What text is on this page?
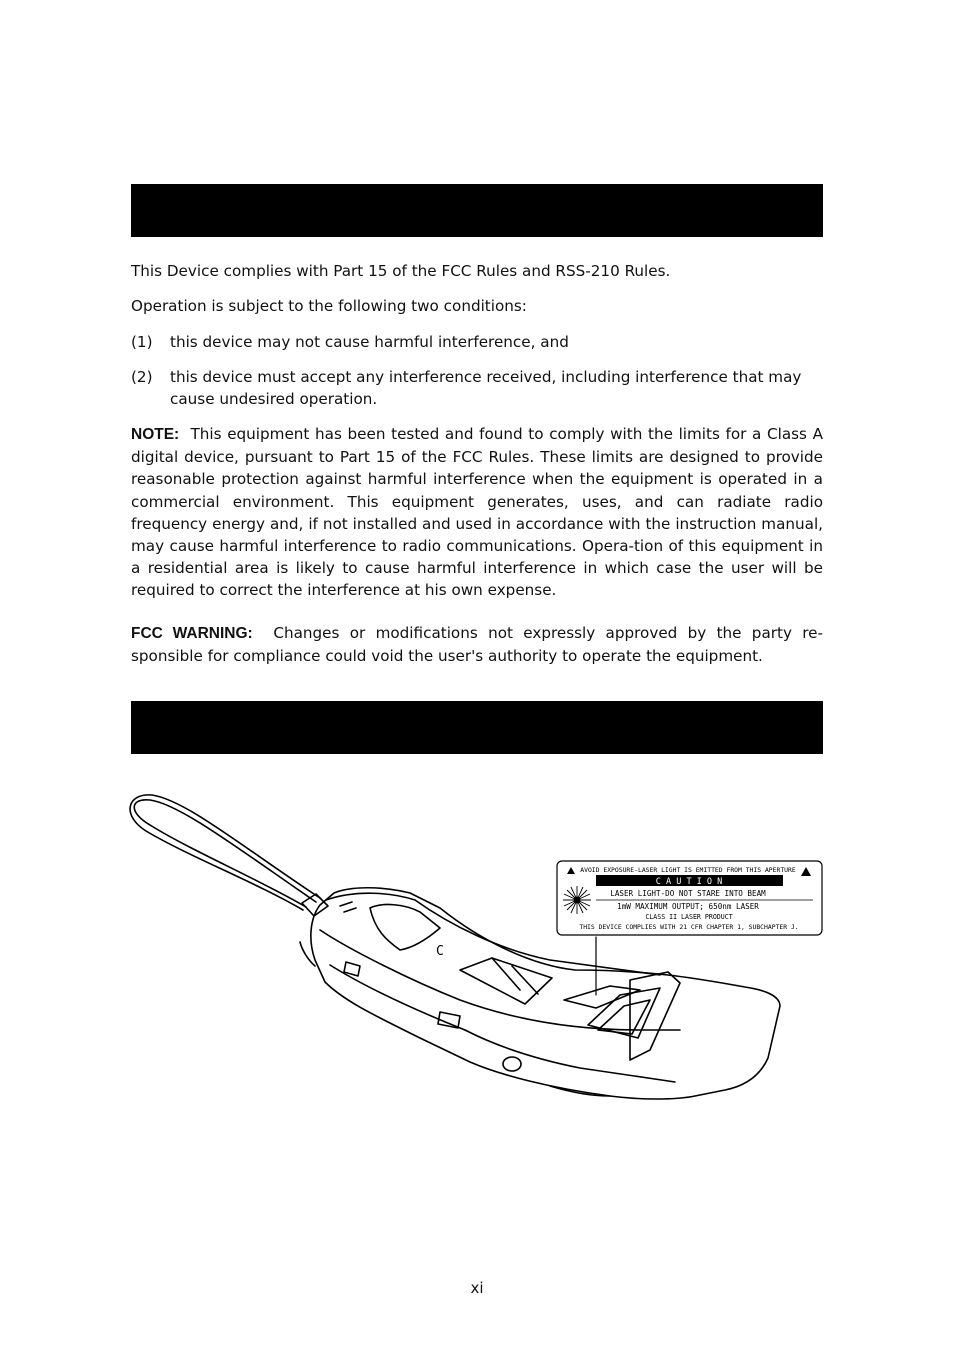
This Device complies with Part 15 of the FCC Rules and RSS-210 Rules.

Operation is subject to the following two conditions:

(1) this device may not cause harmful interference, and
(2) this device must accept any interference received, including interference that may cause undesired operation.

NOTE: This equipment has been tested and found to comply with the limits for a Class A digital device, pursuant to Part 15 of the FCC Rules. These limits are designed to provide reasonable protection against harmful interference when the equipment is operated in a commercial environment. This equipment generates, uses, and can radiate radio frequency energy and, if not installed and used in accordance with the instruction manual, may cause harmful interference to radio communications. Opera-tion of this equipment in a residential area is likely to cause harmful interference in which case the user will be required to correct the interference at his own expense.

FCC WARNING: Changes or modifications not expressly approved by the party re-sponsible for compliance could void the user's authority to operate the equipment.

C
AVOID EXPOSURE-LASER LIGHT IS EMITTED FROM THIS APERTURE
C A U T I O N
LASER LIGHT-DO NOT STARE INTO BEAM
1mW MAXIMUM OUTPUT; 650nm LASER
CLASS II LASER PRODUCT
THIS DEVICE COMPLIES WITH 21 CFR CHAPTER 1, SUBCHAPTER J.
xi
